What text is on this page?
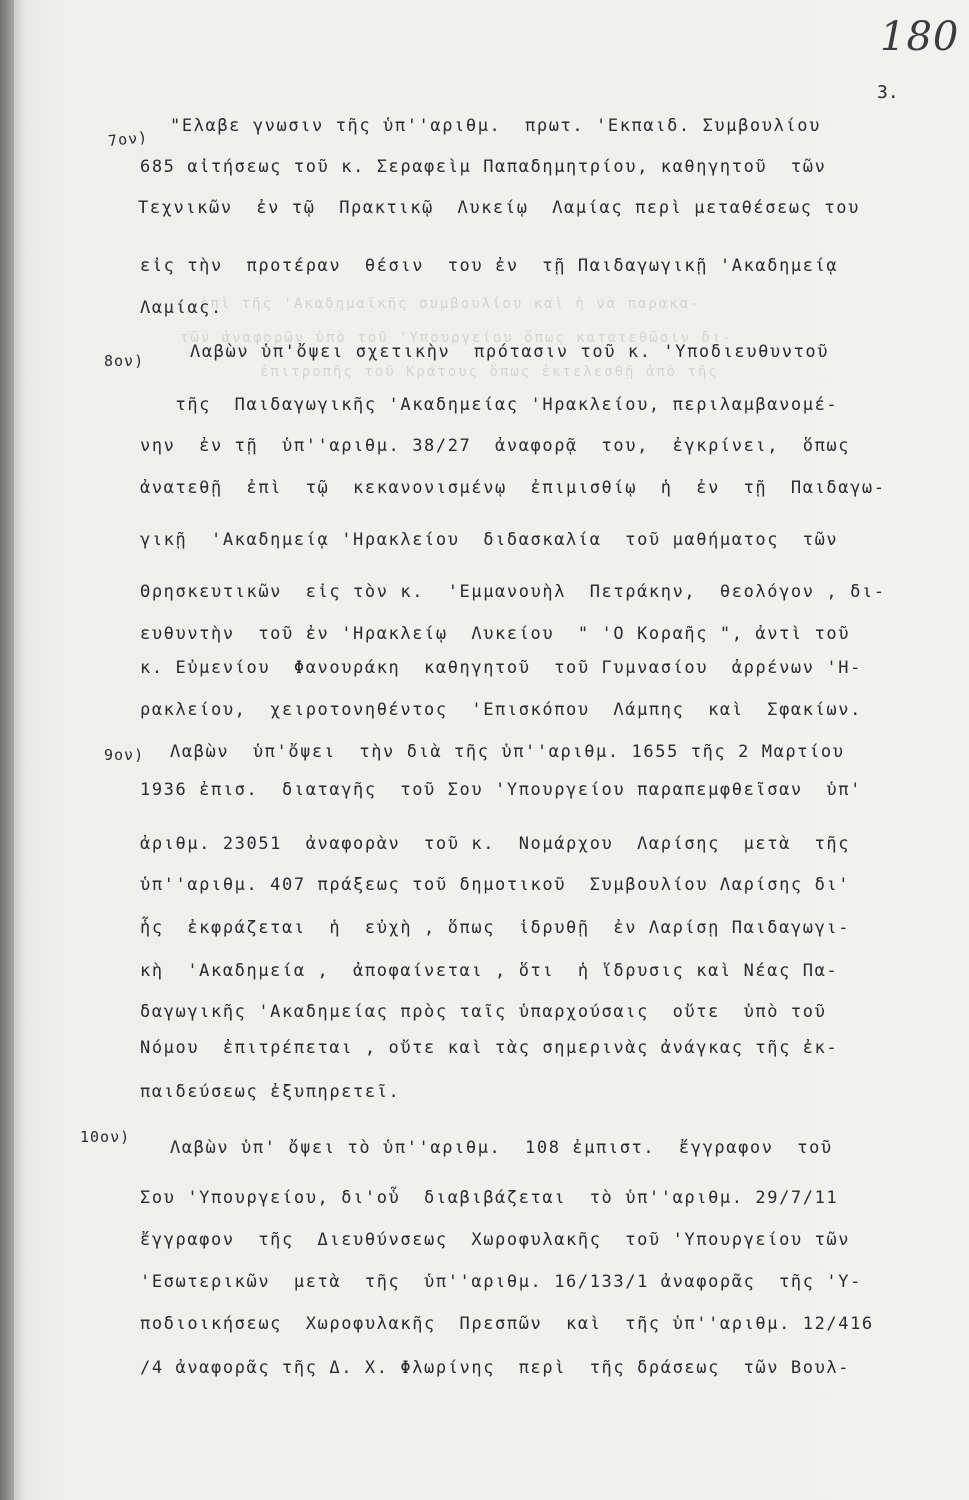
ἐπὶ τῆς 'Ακαδημαϊκῆς συμβουλίου καὶ ἡ νὰ παρακα-
τῶν ἀναφορῶν ὑπὸ τοῦ 'Υπουργείου ὅπως κατατεθῶσιν δι-
ἐπιτροπῆς τοῦ Κράτους ὅπως ἐκτελεσθῇ ἀπὸ τῆς
180
3.
7ον)
"Ελαβε γνωσιν τῆς ὑπ''αριθμ.  πρωτ. 'Εκπαιδ. Συμβουλίου
685 αἰτήσεως τοῦ κ. Σεραφεὶμ Παπαδημητρίου, καθηγητοῦ  τῶν
Τεχνικῶν  ἐν τῷ  Πρακτικῷ  Λυκείῳ  Λαμίας περὶ μεταθέσεως του
εἰς τὴν  προτέραν  θέσιν  του ἐν  τῇ Παιδαγωγικῇ 'Ακαδημείᾳ
Λαμίας.
8ον)	Λαβὼν ὑπ'ὄψει σχετικὴν  πρότασιν τοῦ κ. 'Υποδιευθυντοῦ
τῆς  Παιδαγωγικῆς 'Ακαδημείας 'Ηρακλείου, περιλαμβανομέ-
νην  ἐν τῇ  ὑπ''αριθμ. 38/27  ἀναφορᾷ  του,  ἐγκρίνει,  ὅπως
ἀνατεθῇ  ἐπὶ  τῷ  κεκανονισμένῳ  ἐπιμισθίῳ  ἡ  ἐν  τῇ  Παιδαγω-
γικῇ  'Ακαδημείᾳ 'Ηρακλείου  διδασκαλία  τοῦ μαθήματος  τῶν
Θρησκευτικῶν  εἰς τὸν κ.  'Εμμανουὴλ  Πετράκην,  θεολόγον , δι-
ευθυντὴν  τοῦ ἐν 'Ηρακλείῳ  Λυκείου  " 'Ο Κοραῆς ", ἀντὶ τοῦ
κ. Εὐμενίου  Φανουράκη  καθηγητοῦ  τοῦ Γυμνασίου  ἀρρένων 'Η-
ρακλείου,  χειροτονηθέντος  'Επισκόπου  Λάμπης  καὶ  Σφακίων.
9ον) Λαβὼν  ὑπ'ὄψει  τὴν διὰ τῆς ὑπ''αριθμ. 1655 τῆς 2 Μαρτίου
1936 ἐπισ.  διαταγῆς  τοῦ Σου 'Υπουργείου παραπεμφθεῖσαν  ὑπ'
ἀριθμ. 23051  ἀναφορὰν  τοῦ κ.  Νομάρχου  Λαρίσης  μετὰ  τῆς
ὑπ''αριθμ. 407 πράξεως τοῦ δημοτικοῦ  Συμβουλίου Λαρίσης δι'
ἧς  ἐκφράζεται  ἡ  εὐχὴ , ὅπως  ἱδρυθῇ  ἐν Λαρίσῃ Παιδαγωγι-
κὴ  'Ακαδημεία ,  ἀποφαίνεται , ὅτι  ἡ ἵδρυσις καὶ Νέας Πα-
δαγωγικῆς 'Ακαδημείας πρὸς ταῖς ὑπαρχούσαις  οὔτε  ὑπὸ τοῦ
Νόμου  ἐπιτρέπεται , οὔτε καὶ τὰς σημερινὰς ἀνάγκας τῆς ἐκ-
παιδεύσεως ἐξυπηρετεῖ.
10ον)
Λαβὼν ὑπ' ὄψει τὸ ὑπ''αριθμ.  108 ἐμπιστ.  ἔγγραφον  τοῦ
Σου 'Υπουργείου, δι'οὗ  διαβιβάζεται  τὸ ὑπ''αριθμ. 29/7/11
ἔγγραφον  τῆς  Διευθύνσεως  Χωροφυλακῆς  τοῦ 'Υπουργείου τῶν
'Εσωτερικῶν  μετὰ  τῆς  ὑπ''αριθμ. 16/133/1 ἀναφορᾶς  τῆς 'Υ-
ποδιοικήσεως  Χωροφυλακῆς  Πρεσπῶν  καὶ  τῆς ὑπ''αριθμ. 12/416
/4 ἀναφορᾶς τῆς Δ. Χ. Φλωρίνης  περὶ  τῆς δράσεως  τῶν Βουλ-
